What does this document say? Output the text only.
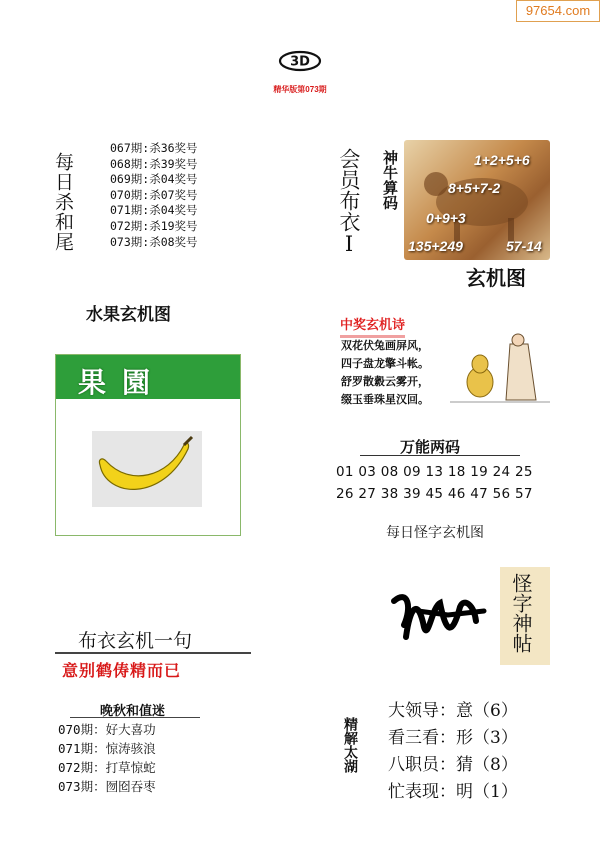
97654.com
3D
精华版第073期
每日杀和尾
067期:杀36奖号
068期:杀39奖号
069期:杀04奖号
070期:杀07奖号
071期:杀04奖号
072期:杀19奖号
073期:杀08奖号	会员布衣I 神牛算码	1+2+5+6
8+5+7-2
0+9+3
135+249	57-14
玄机图
水果玄机图
果園
中奖玄机诗
双花伏兔画屏风，
四子盘龙擎斗帐。
舒罗散縠云雾开，
缀玉垂珠星汉回。
万能两码
01 03 08 09 13 18 19 24 25
26 27 38 39 45 46 47 56 57
每日怪字玄机图
怪字神帖
布衣玄机一句
意别鹤俦精而已
晚秋和值迷
070期：好大喜功
071期：惊涛骇浪
072期：打草惊蛇
073期：囫囵吞枣
精解太湖
大领导：意（6）
看三看：形（3）
八职员：猜（8）
忙表现：明（1）
